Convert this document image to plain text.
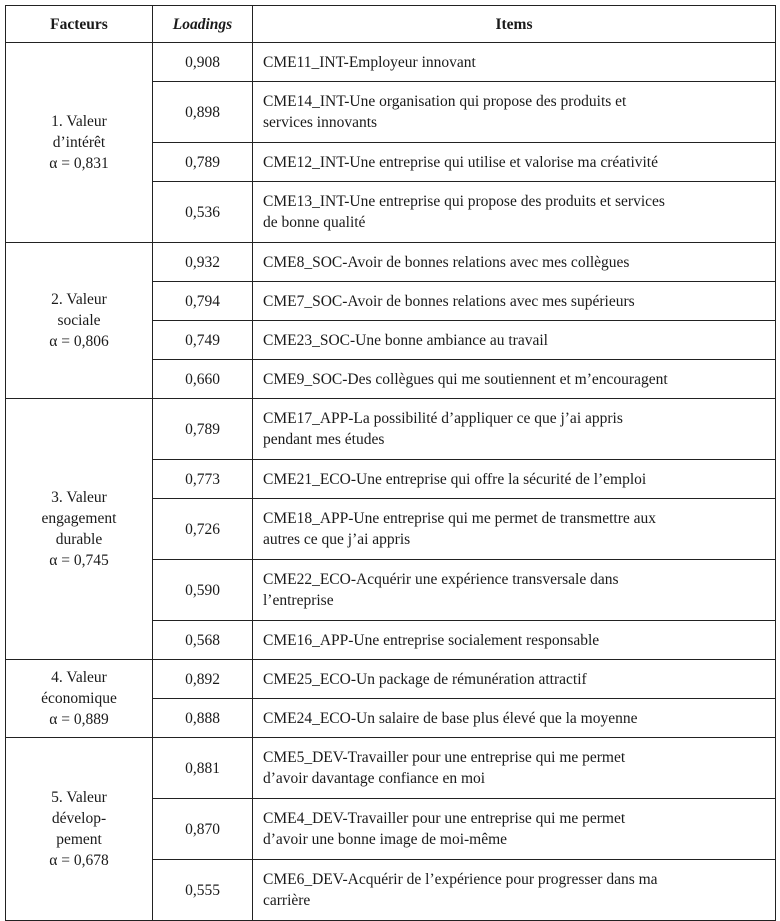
Facteurs	Loadings	Items

1. Valeur
d’intérêt
α = 0,831	0,908	CME11_INT-Employeur innovant
	0,898	CME14_INT-Une organisation qui propose des produits et
services innovants
	0,789	CME12_INT-Une entreprise qui utilise et valorise ma créativité
	0,536	CME13_INT-Une entreprise qui propose des produits et services
de bonne qualité

2. Valeur
sociale
α = 0,806	0,932	CME8_SOC-Avoir de bonnes relations avec mes collègues
	0,794	CME7_SOC-Avoir de bonnes relations avec mes supérieurs
	0,749	CME23_SOC-Une bonne ambiance au travail
	0,660	CME9_SOC-Des collègues qui me soutiennent et m’encouragent

3. Valeur
engagement
durable
α = 0,745	0,789	CME17_APP-La possibilité d’appliquer ce que j’ai appris
pendant mes études
	0,773	CME21_ECO-Une entreprise qui offre la sécurité de l’emploi
	0,726	CME18_APP-Une entreprise qui me permet de transmettre aux
autres ce que j’ai appris
	0,590	CME22_ECO-Acquérir une expérience transversale dans
l’entreprise
	0,568	CME16_APP-Une entreprise socialement responsable

4. Valeur
économique
α = 0,889	0,892	CME25_ECO-Un package de rémunération attractif
	0,888	CME24_ECO-Un salaire de base plus élevé que la moyenne

5. Valeur
dévelop-
pement
α = 0,678	0,881	CME5_DEV-Travailler pour une entreprise qui me permet
d’avoir davantage confiance en moi
	0,870	CME4_DEV-Travailler pour une entreprise qui me permet
d’avoir une bonne image de moi-même
	0,555	CME6_DEV-Acquérir de l’expérience pour progresser dans ma
carrière
